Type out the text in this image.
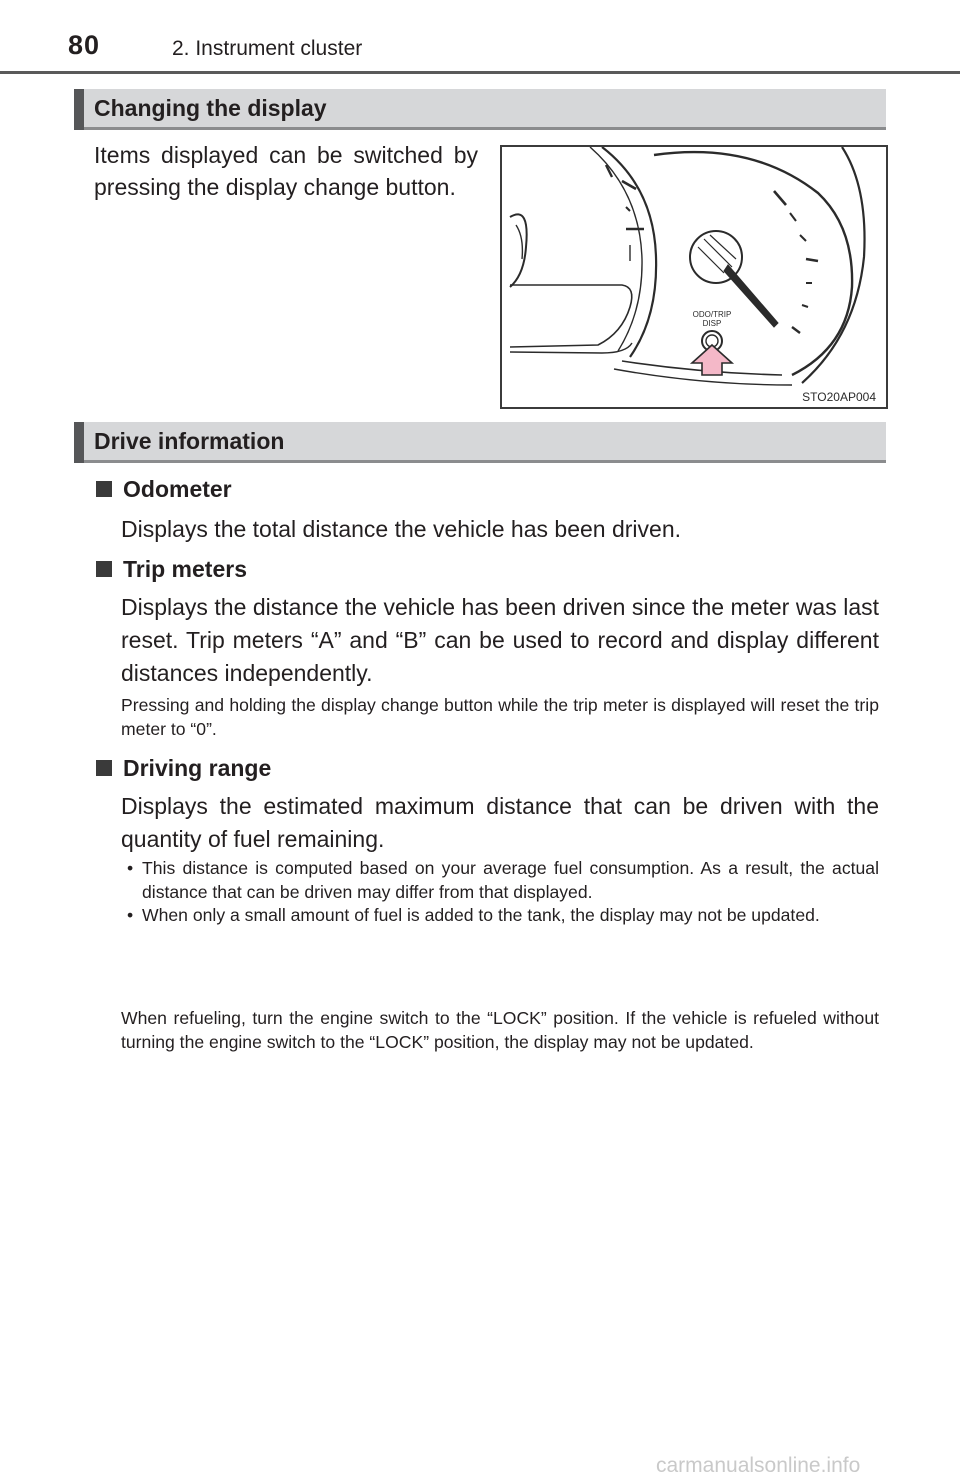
80	2. Instrument cluster
Changing the display
Items displayed can be switched by pressing the display change button.
ODO/TRIP
DISP
STO20AP004
Drive information
Odometer
Displays the total distance the vehicle has been driven.
Trip meters
Displays the distance the vehicle has been driven since the meter was last reset. Trip meters “A” and “B” can be used to record and display different distances independently.
Pressing and holding the display change button while the trip meter is displayed will reset the trip meter to “0”.
Driving range
Displays the estimated maximum distance that can be driven with the quantity of fuel remaining.
• This distance is computed based on your average fuel consumption. As a result, the actual distance that can be driven may differ from that displayed.
• When only a small amount of fuel is added to the tank, the display may not be updated.
When refueling, turn the engine switch to the “LOCK” position. If the vehicle is refueled without turning the engine switch to the “LOCK” position, the display may not be updated.
carmanualsonline.info
